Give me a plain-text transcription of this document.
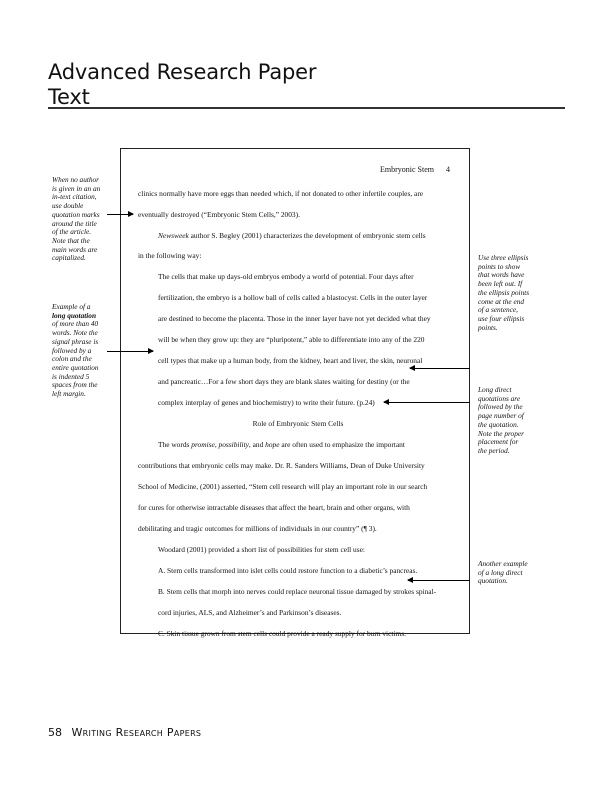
Advanced Research Paper
Text
Embryonic Stem      4
clinics normally have more eggs than needed which, if not donated to other infertile couples, are
eventually destroyed (“Embryonic Stem Cells,” 2003).
Newsweek author S. Begley (2001) characterizes the development of embryonic stem cells
in the following way:
The cells that make up days-old embryos embody a world of potential. Four days after
fertilization, the embryo is a hollow ball of cells called a blastocyst. Cells in the outer layer
are destined to become the placenta. Those in the inner layer have not yet decided what they
will be when they grow up: they are “pluripotent,” able to differentiate into any of the 220
cell types that make up a human body, from the kidney, heart and liver, the skin, neuronal
and pancreatic…For a few short days they are blank slates waiting for destiny (or the
complex interplay of genes and biochemistry) to write their future. (p.24)
Role of Embryonic Stem Cells
The words promise, possibility, and hope are often used to emphasize the important
contributions that embryonic cells may make. Dr. R. Sanders Williams, Dean of Duke University
School of Medicine, (2001) asserted, “Stem cell research will play an important role in our search
for cures for otherwise intractable diseases that affect the heart, brain and other organs, with
debilitating and tragic outcomes for millions of individuals in our country” (¶ 3).
Woodard (2001) provided a short list of possibilities for stem cell use:
A. Stem cells transformed into islet cells could restore function to a diabetic’s pancreas.
B. Stem cells that morph into nerves could replace neuronal tissue damaged by strokes spinal-
cord injuries, ALS, and Alzheimer’s and Parkinson’s diseases.
C. Skin tissue grown from stem cells could provide a ready supply for burn victims.
When no author
is given in an an
in-text citation,
use double
quotation marks
around the title
of the article.
Note that the
main words are
capitalized.
Example of a
long quotation
of more than 40
words. Note the
signal phrase is
followed by a
colon and the
entire quotation
is indented 5
spaces from the
left margin.
Use three ellipsis
points to show
that words have
been left out. If
the ellipsis points
come at the end
of a sentence,
use four ellipsis
points.
Long direct
quotations are
followed by the
page number of
the quotation.
Note the proper
placement for
the period.
Another example
of a long direct
quotation.
58 Writing Research Papers
